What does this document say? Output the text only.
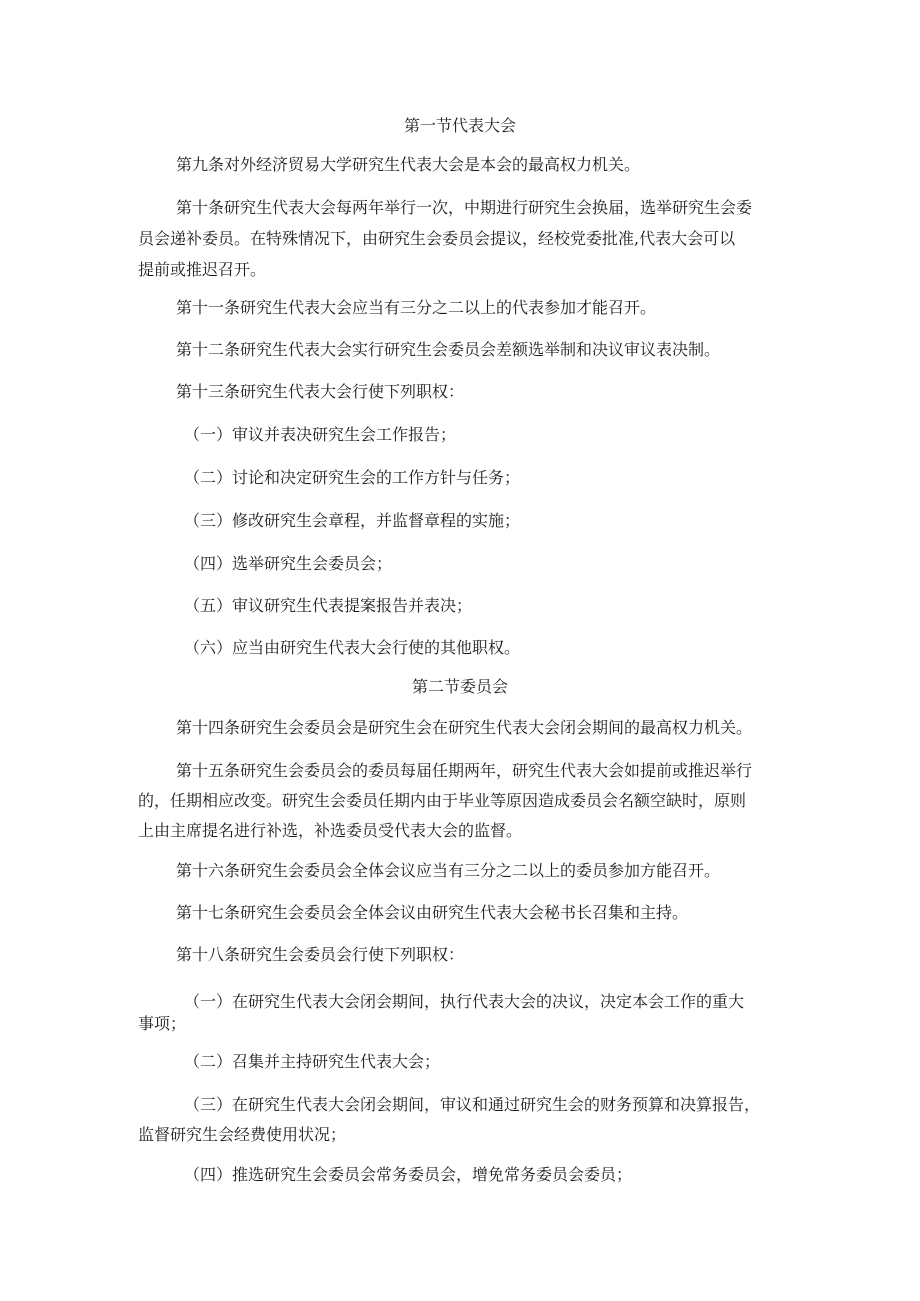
第一节代表大会

第九条对外经济贸易大学研究生代表大会是本会的最高权力机关。

第十条研究生代表大会每两年举行一次，中期进行研究生会换届，选举研究生会委

员会递补委员。在特殊情况下，由研究生会委员会提议，经校党委批准,代表大会可以

提前或推迟召开。

第十一条研究生代表大会应当有三分之二以上的代表参加才能召开。

第十二条研究生代表大会实行研究生会委员会差额选举制和决议审议表决制。

第十三条研究生代表大会行使下列职权：

（一）审议并表决研究生会工作报告；

（二）讨论和决定研究生会的工作方针与任务；

（三）修改研究生会章程，并监督章程的实施；

（四）选举研究生会委员会；

（五）审议研究生代表提案报告并表决；

（六）应当由研究生代表大会行使的其他职权。

第二节委员会

第十四条研究生会委员会是研究生会在研究生代表大会闭会期间的最高权力机关。

第十五条研究生会委员会的委员每届任期两年，研究生代表大会如提前或推迟举行

的，任期相应改变。研究生会委员任期内由于毕业等原因造成委员会名额空缺时，原则

上由主席提名进行补选，补选委员受代表大会的监督。

第十六条研究生会委员会全体会议应当有三分之二以上的委员参加方能召开。

第十七条研究生会委员会全体会议由研究生代表大会秘书长召集和主持。

第十八条研究生会委员会行使下列职权：

（一）在研究生代表大会闭会期间，执行代表大会的决议，决定本会工作的重大

事项；

（二）召集并主持研究生代表大会；

（三）在研究生代表大会闭会期间，审议和通过研究生会的财务预算和决算报告，

监督研究生会经费使用状况；

（四）推选研究生会委员会常务委员会，增免常务委员会委员；
